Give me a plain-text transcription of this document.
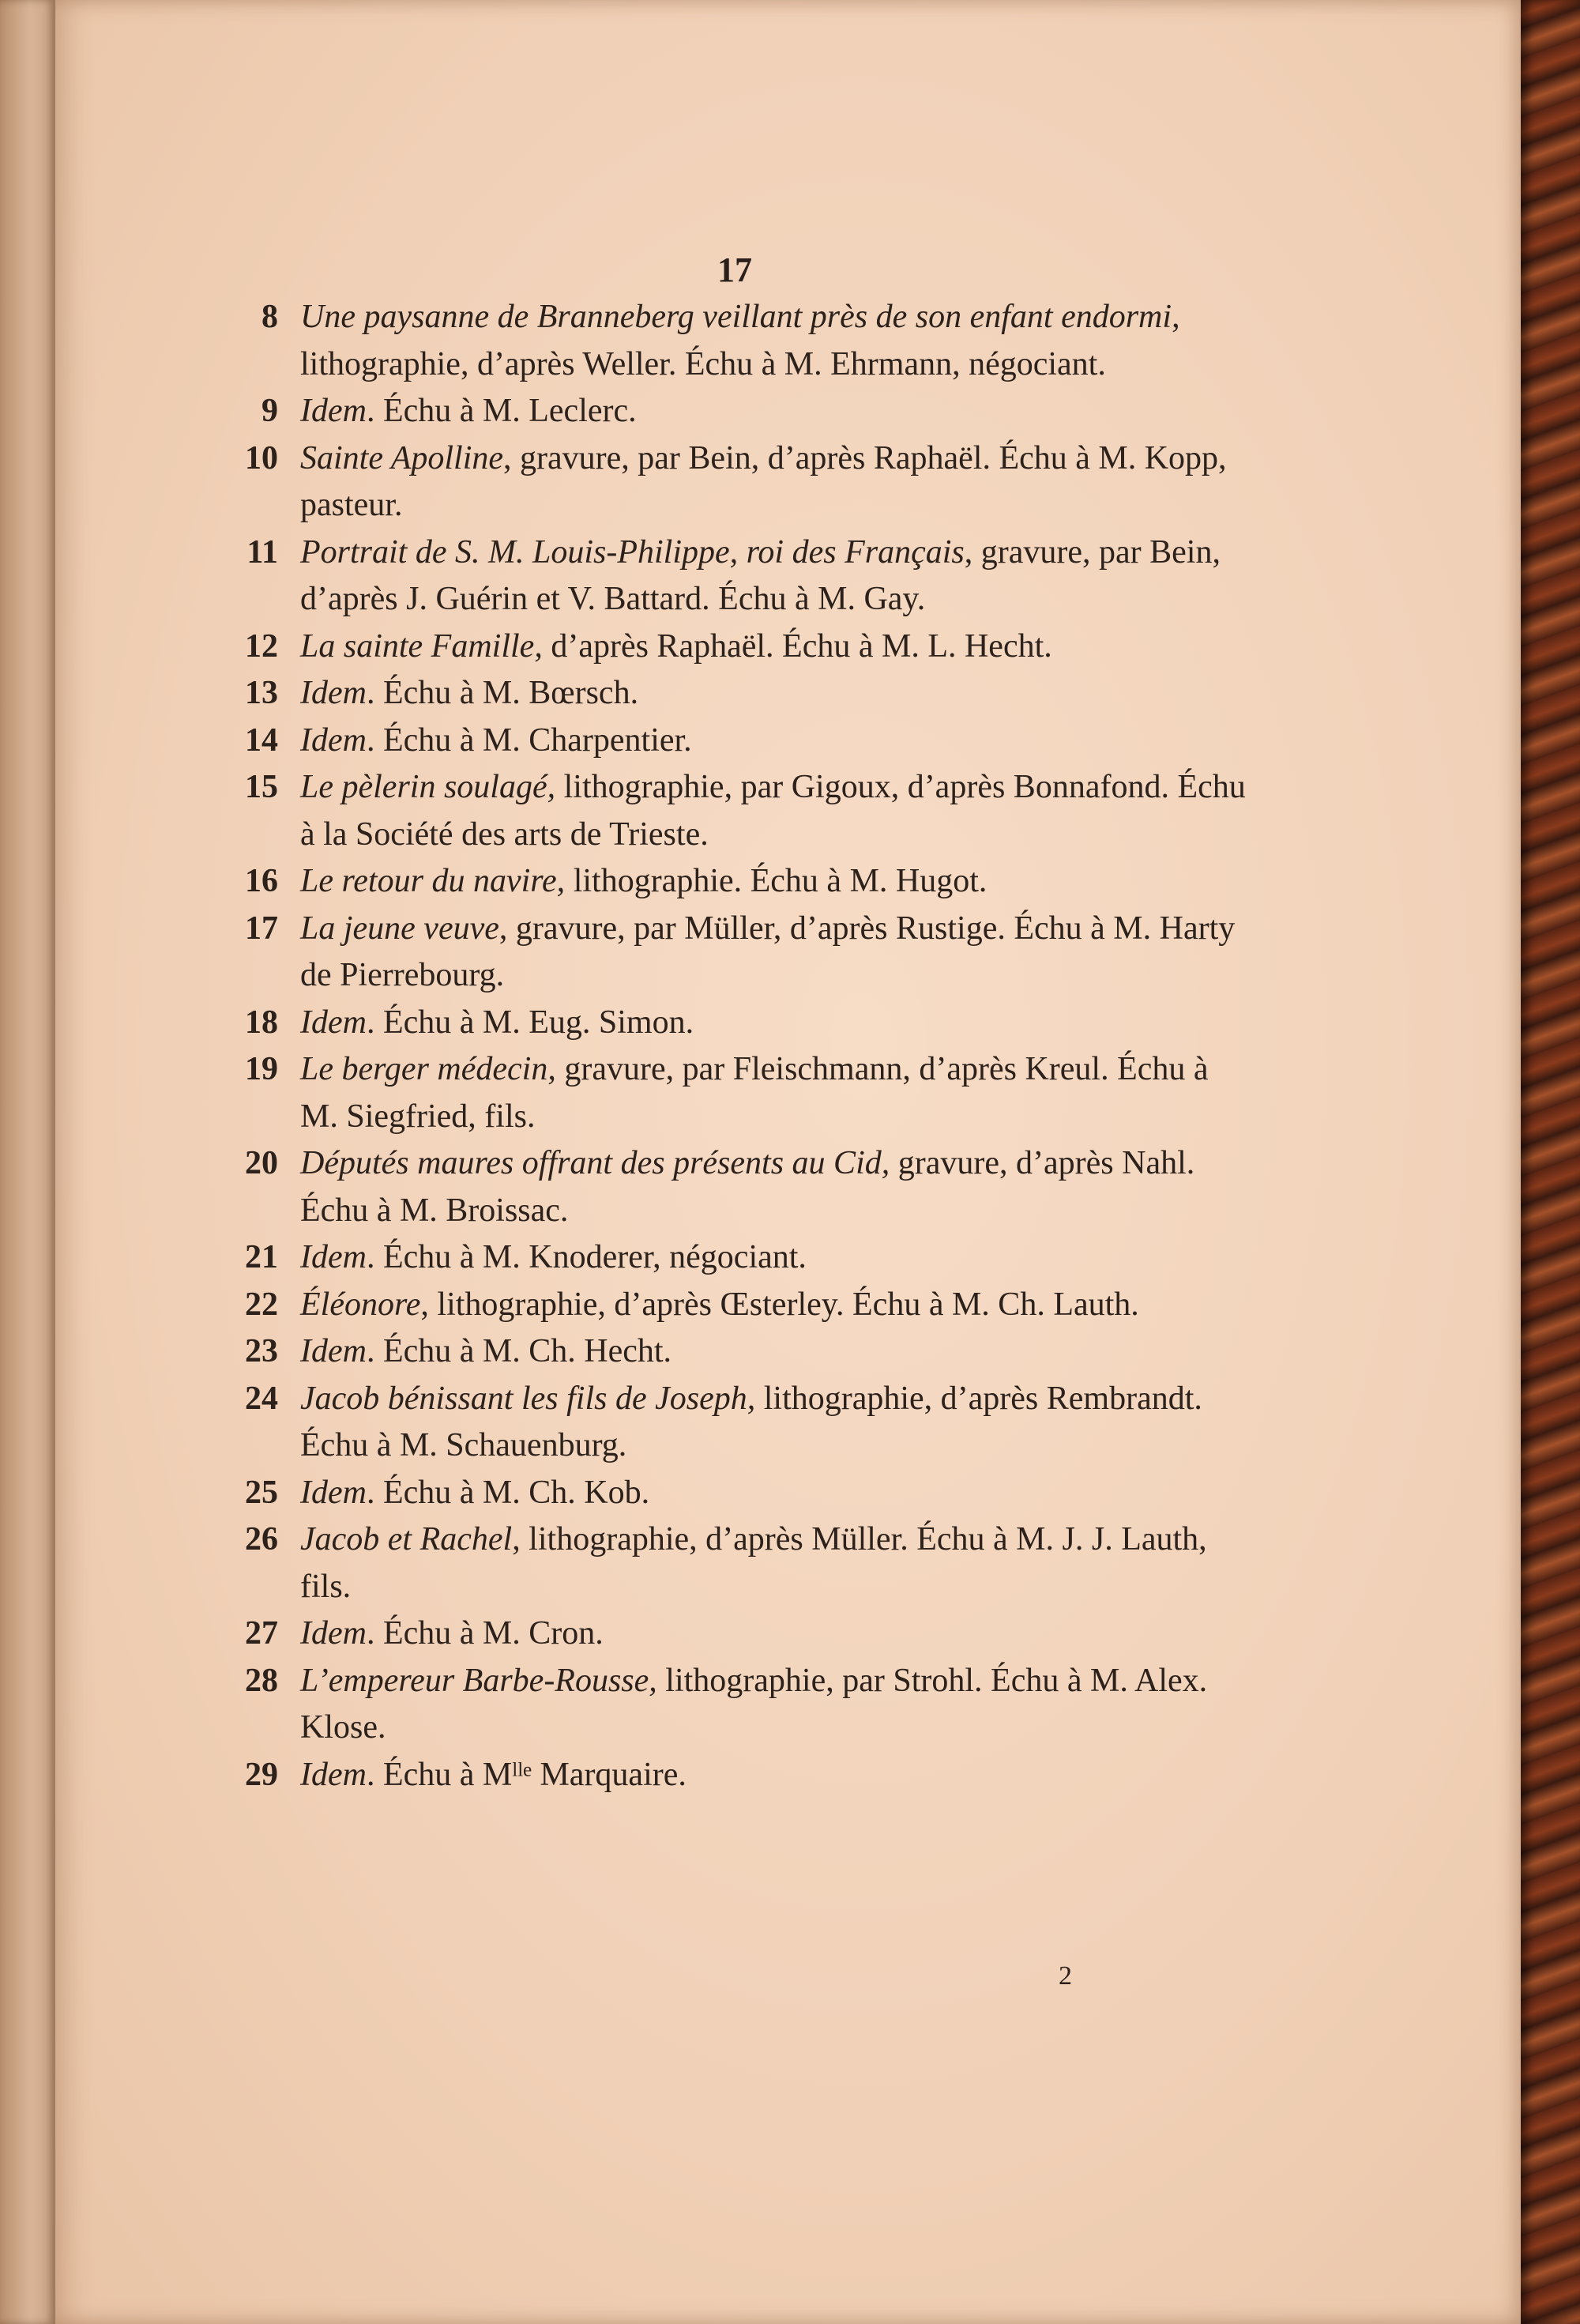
17
8 Une paysanne de Branneberg veillant près de son enfant endormi, lithographie, d’après Weller. Échu à M. Ehrmann, négociant.
9 Idem. Échu à M. Leclerc.
10 Sainte Apolline, gravure, par Bein, d’après Raphaël. Échu à M. Kopp, pasteur.
11 Portrait de S. M. Louis-Philippe, roi des Français, gravure, par Bein, d’après J. Guérin et V. Battard. Échu à M. Gay.
12 La sainte Famille, d’après Raphaël. Échu à M. L. Hecht.
13 Idem. Échu à M. Bœrsch.
14 Idem. Échu à M. Charpentier.
15 Le pèlerin soulagé, lithographie, par Gigoux, d’après Bonnafond. Échu à la Société des arts de Trieste.
16 Le retour du navire, lithographie. Échu à M. Hugot.
17 La jeune veuve, gravure, par Müller, d’après Rustige. Échu à M. Harty de Pierrebourg.
18 Idem. Échu à M. Eug. Simon.
19 Le berger médecin, gravure, par Fleischmann, d’après Kreul. Échu à M. Siegfried, fils.
20 Députés maures offrant des présents au Cid, gravure, d’après Nahl. Échu à M. Broissac.
21 Idem. Échu à M. Knoderer, négociant.
22 Éléonore, lithographie, d’après Œsterley. Échu à M. Ch. Lauth.
23 Idem. Échu à M. Ch. Hecht.
24 Jacob bénissant les fils de Joseph, lithographie, d’après Rembrandt. Échu à M. Schauenburg.
25 Idem. Échu à M. Ch. Kob.
26 Jacob et Rachel, lithographie, d’après Müller. Échu à M. J. J. Lauth, fils.
27 Idem. Échu à M. Cron.
28 L’empereur Barbe-Rousse, lithographie, par Strohl. Échu à M. Alex. Klose.
29 Idem. Échu à Mˡˡᵉ Marquaire.
2
